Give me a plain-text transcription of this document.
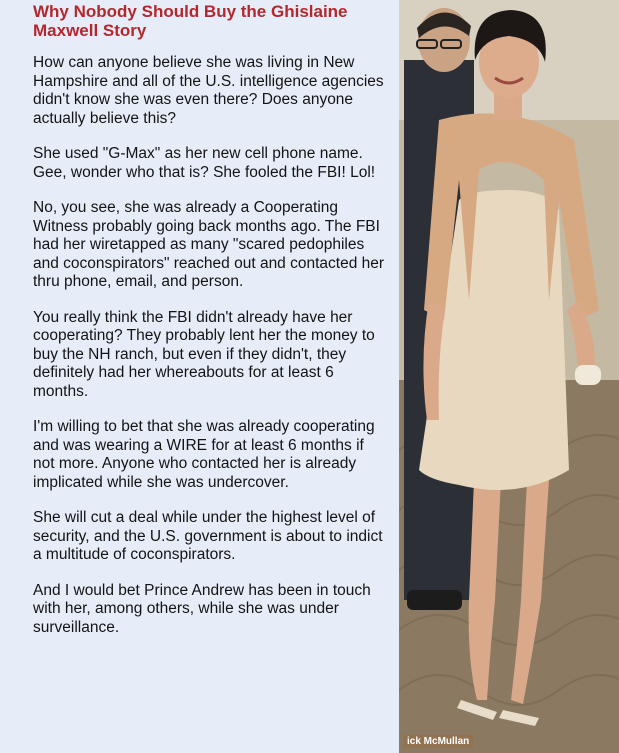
Why Nobody Should Buy the Ghislaine Maxwell Story

How can anyone believe she was living in New Hampshire and all of the U.S. intelligence agencies didn't know she was even there? Does anyone actually believe this?

She used "G-Max" as her new cell phone name. Gee, wonder who that is? She fooled the FBI! Lol!

No, you see, she was already a Cooperating Witness probably going back months ago. The FBI had her wiretapped as many "scared pedophiles and coconspirators" reached out and contacted her thru phone, email, and person.

You really think the FBI didn't already have her cooperating? They probably lent her the money to buy the NH ranch, but even if they didn't, they definitely had her whereabouts for at least 6 months.

I'm willing to bet that she was already cooperating and was wearing a WIRE for at least 6 months if not more. Anyone who contacted her is already implicated while she was undercover.

She will cut a deal while under the highest level of security, and the U.S. government is about to indict a multitude of coconspirators.

And I would bet Prince Andrew has been in touch with her, among others, while she was under surveillance.

ick McMullan
